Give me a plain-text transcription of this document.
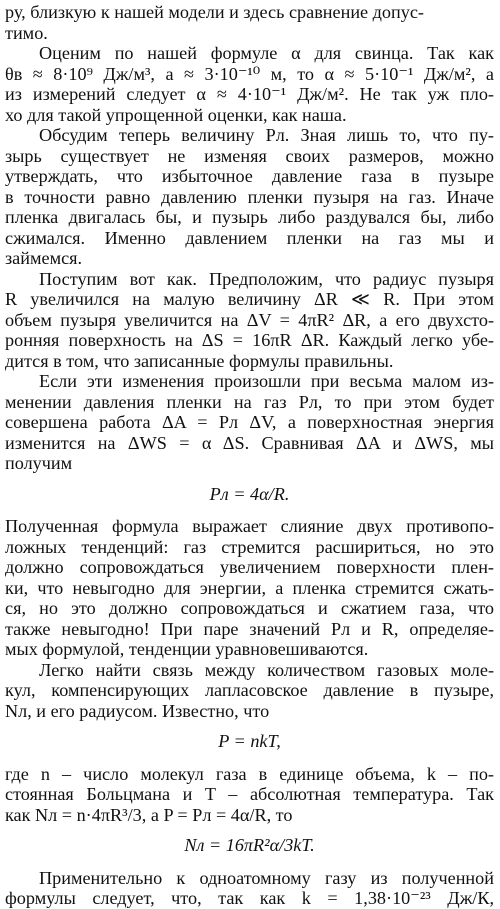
ру, близкую к нашей модели и здесь сравнение допус-
тимо.
Оценим по нашей формуле α для свинца. Так как
θв ≈ 8·10⁹ Дж/м³, a ≈ 3·10⁻¹⁰ м, то α ≈ 5·10⁻¹ Дж/м², а
из измерений следует α ≈ 4·10⁻¹ Дж/м². Не так уж пло-
хо для такой упрощенной оценки, как наша.
Обсудим теперь величину Pл. Зная лишь то, что пу-
зырь существует не изменяя своих размеров, можно
утверждать, что избыточное давление газа в пузыре
в точности равно давлению пленки пузыря на газ. Иначе
пленка двигалась бы, и пузырь либо раздувался бы, либо
сжимался. Именно давлением пленки на газ мы и
займемся.
Поступим вот как. Предположим, что радиус пузыря
R увеличился на малую величину ΔR ≪ R. При этом
объем пузыря увеличится на ΔV = 4πR² ΔR, а его двухсто-
ронняя поверхность на ΔS = 16πR ΔR. Каждый легко убе-
дится в том, что записанные формулы правильны.
Если эти изменения произошли при весьма малом из-
менении давления пленки на газ Pл, то при этом будет
совершена работа ΔA = Pл ΔV, а поверхностная энергия
изменится на ΔWS = α ΔS. Сравнивая ΔA и ΔWS, мы
получим
Pл = 4α/R.
Полученная формула выражает слияние двух противопо-
ложных тенденций: газ стремится расшириться, но это
должно сопровождаться увеличением поверхности плен-
ки, что невыгодно для энергии, а пленка стремится сжать-
ся, но это должно сопровождаться и сжатием газа, что
также невыгодно! При паре значений Pл и R, определяе-
мых формулой, тенденции уравновешиваются.
Легко найти связь между количеством газовых моле-
кул, компенсирующих лапласовское давление в пузыре,
Nл, и его радиусом. Известно, что
P = nkT,
где n – число молекул газа в единице объема, k – по-
стоянная Больцмана и T – абсолютная температура. Так
как Nл = n·4πR³/3, а P = Pл = 4α/R, то
Nл = 16πR²α/3kT.
Применительно к одноатомному газу из полученной
формулы следует, что, так как k = 1,38·10⁻²³ Дж/К,
